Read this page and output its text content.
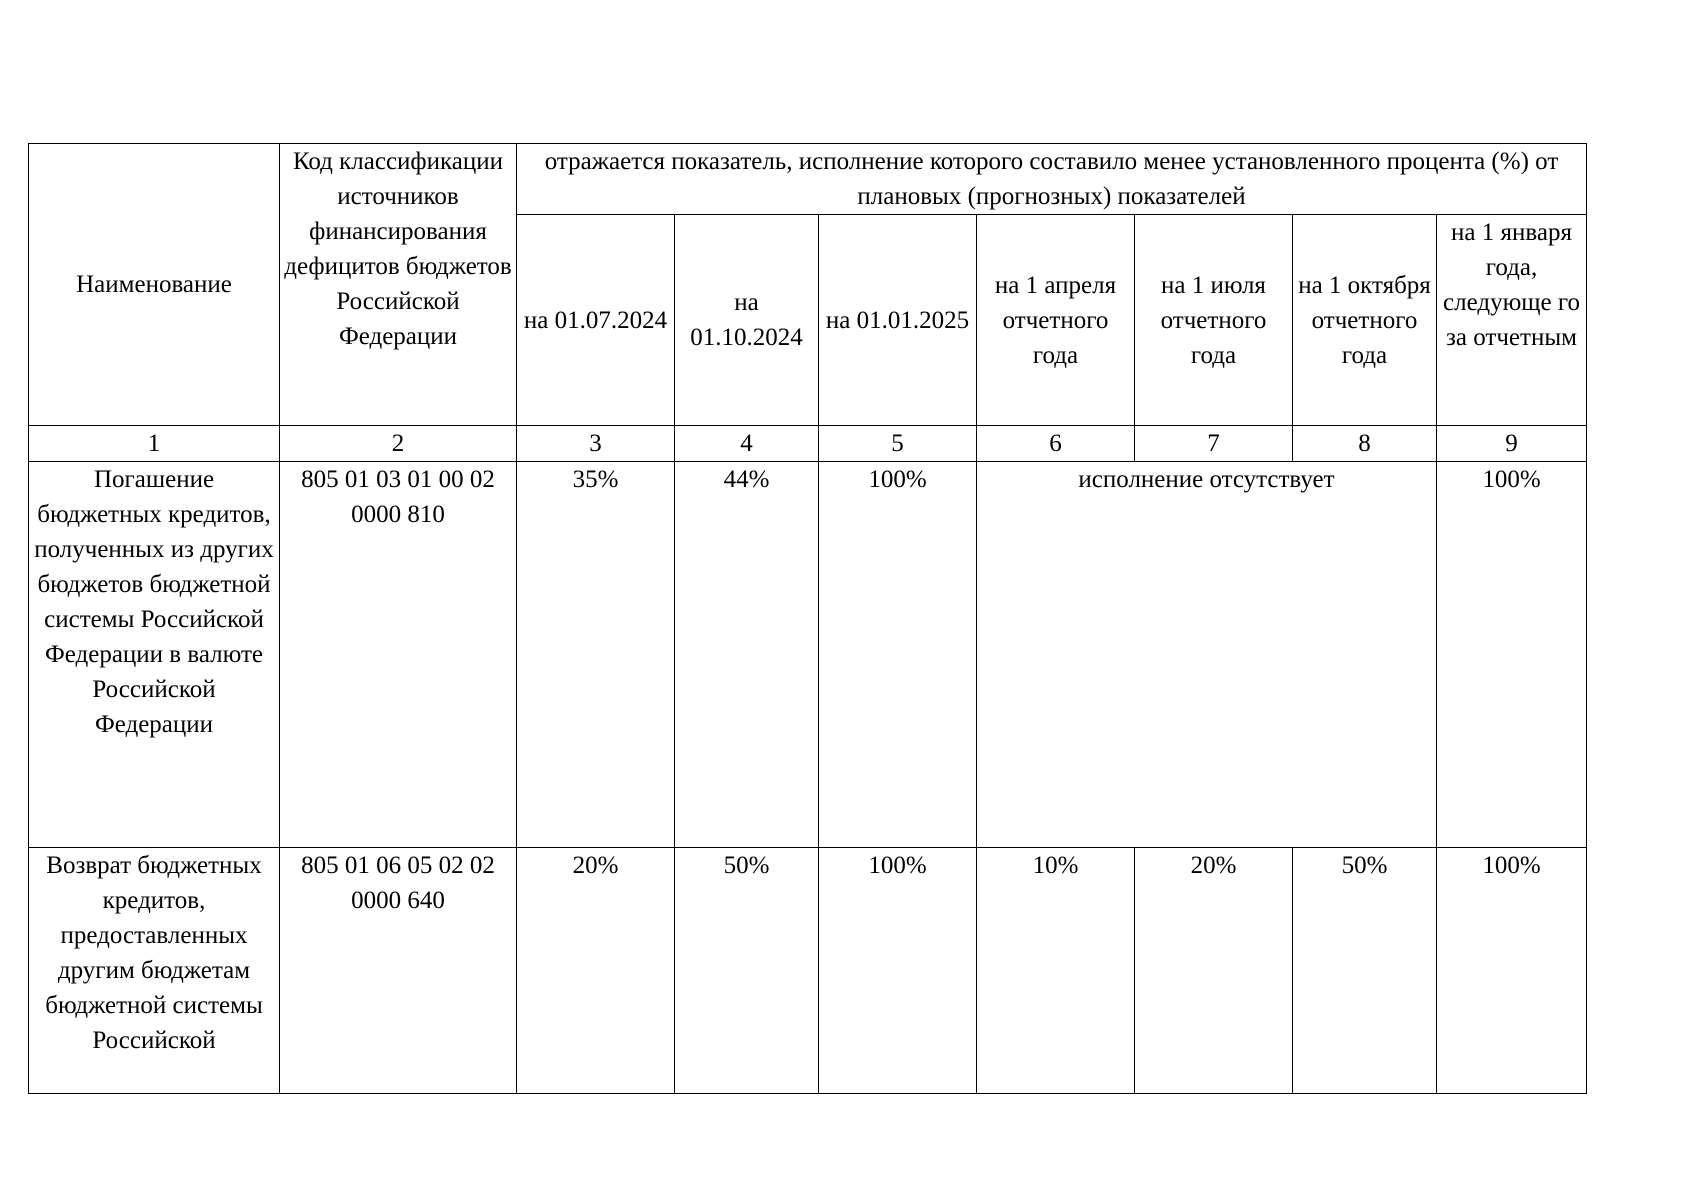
Наименование	Код классификации источников финансирования дефицитов бюджетов Российской Федерации	отражается показатель, исполнение которого составило менее установленного процента (%) от плановых (прогнозных) показателей						
		на 01.07.2024	на 01.10.2024	на 01.01.2025	на 1 апреля отчетного года	на 1 июля отчетного года	на 1 октября отчетного года	на 1 января года, следующе го за отчетным
1	2	3	4	5	6	7	8	9
Погашение бюджетных кредитов, полученных из других бюджетов бюджетной системы Российской Федерации в валюте Российской Федерации	805 01 03 01 00 02 0000 810	35%	44%	100%	исполнение отсутствует			100%
Возврат бюджетных кредитов, предоставленных другим бюджетам бюджетной системы Российской	805 01 06 05 02 02 0000 640	20%	50%	100%	10%	20%	50%	100%
